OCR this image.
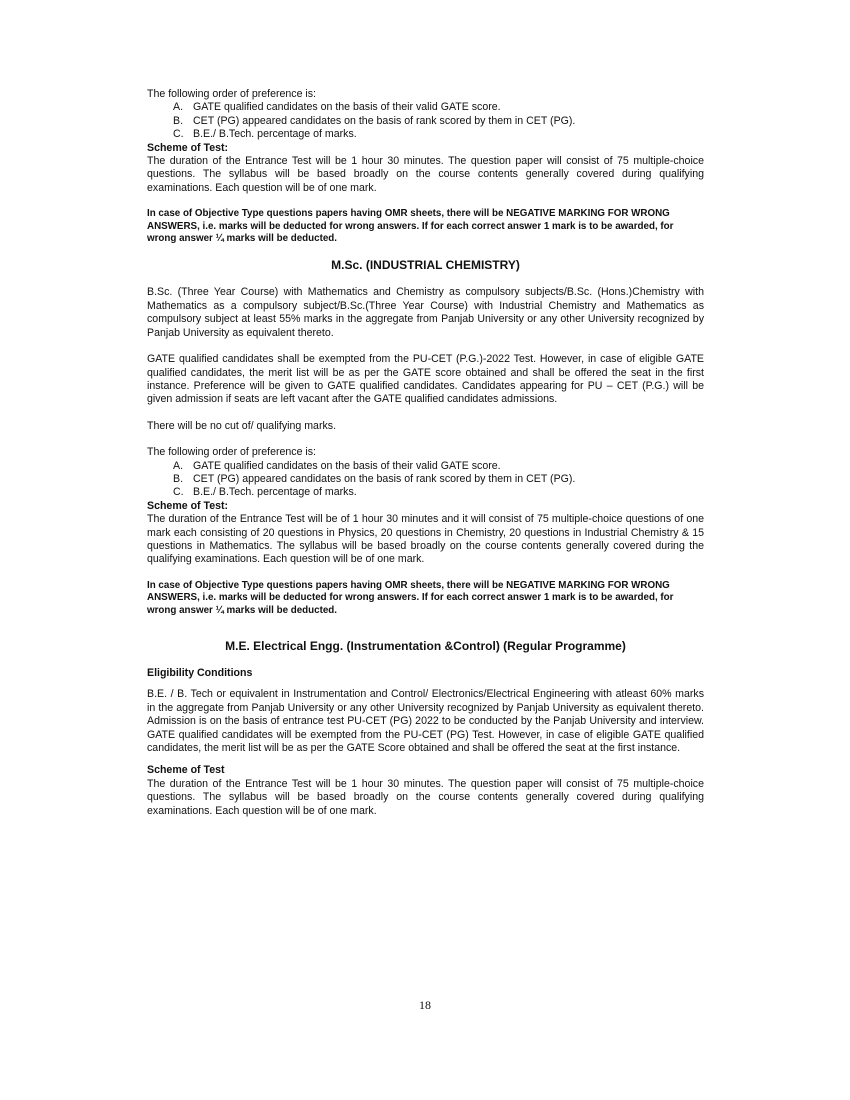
The following order of preference is:

A. GATE qualified candidates on the basis of their valid GATE score.
B. CET (PG) appeared candidates on the basis of rank scored by them in CET (PG).
C. B.E./ B.Tech. percentage of marks.

Scheme of Test:

The duration of the Entrance Test will be 1 hour 30 minutes. The question paper will consist of 75 multiple-choice questions. The syllabus will be based broadly on the course contents generally covered during qualifying examinations. Each question will be of one mark.

In case of Objective Type questions papers having OMR sheets, there will be NEGATIVE MARKING FOR WRONG ANSWERS, i.e. marks will be deducted for wrong answers. If for each correct answer 1 mark is to be awarded, for wrong answer ¼ marks will be deducted.

M.Sc. (INDUSTRIAL CHEMISTRY)

B.Sc. (Three Year Course) with Mathematics and Chemistry as compulsory subjects/B.Sc. (Hons.)Chemistry with Mathematics as a compulsory subject/B.Sc.(Three Year Course) with Industrial Chemistry and Mathematics as compulsory subject at least 55% marks in the aggregate from Panjab University or any other University recognized by Panjab University as equivalent thereto.

GATE qualified candidates shall be exempted from the PU-CET (P.G.)-2022 Test. However, in case of eligible GATE qualified candidates, the merit list will be as per the GATE score obtained and shall be offered the seat in the first instance. Preference will be given to GATE qualified candidates. Candidates appearing for PU – CET (P.G.) will be given admission if seats are left vacant after the GATE qualified candidates admissions.

There will be no cut of/ qualifying marks.

The following order of preference is:

A. GATE qualified candidates on the basis of their valid GATE score.
B. CET (PG) appeared candidates on the basis of rank scored by them in CET (PG).
C. B.E./ B.Tech. percentage of marks.

Scheme of Test:

The duration of the Entrance Test will be of 1 hour 30 minutes and it will consist of 75 multiple-choice questions of one mark each consisting of 20 questions in Physics, 20 questions in Chemistry, 20 questions in Industrial Chemistry & 15 questions in Mathematics. The syllabus will be based broadly on the course contents generally covered during the qualifying examinations. Each question will be of one mark.

In case of Objective Type questions papers having OMR sheets, there will be NEGATIVE MARKING FOR WRONG ANSWERS, i.e. marks will be deducted for wrong answers. If for each correct answer 1 mark is to be awarded, for wrong answer ¼ marks will be deducted.

M.E. Electrical Engg. (Instrumentation &Control) (Regular Programme)

Eligibility Conditions

B.E. / B. Tech or equivalent in Instrumentation and Control/ Electronics/Electrical Engineering with atleast 60% marks in the aggregate from Panjab University or any other University recognized by Panjab University as equivalent thereto. Admission is on the basis of entrance test PU-CET (PG) 2022 to be conducted by the Panjab University and interview. GATE qualified candidates will be exempted from the PU-CET (PG) Test. However, in case of eligible GATE qualified candidates, the merit list will be as per the GATE Score obtained and shall be offered the seat at the first instance.

Scheme of Test

The duration of the Entrance Test will be 1 hour 30 minutes. The question paper will consist of 75 multiple-choice questions. The syllabus will be based broadly on the course contents generally covered during qualifying examinations. Each question will be of one mark.

18
